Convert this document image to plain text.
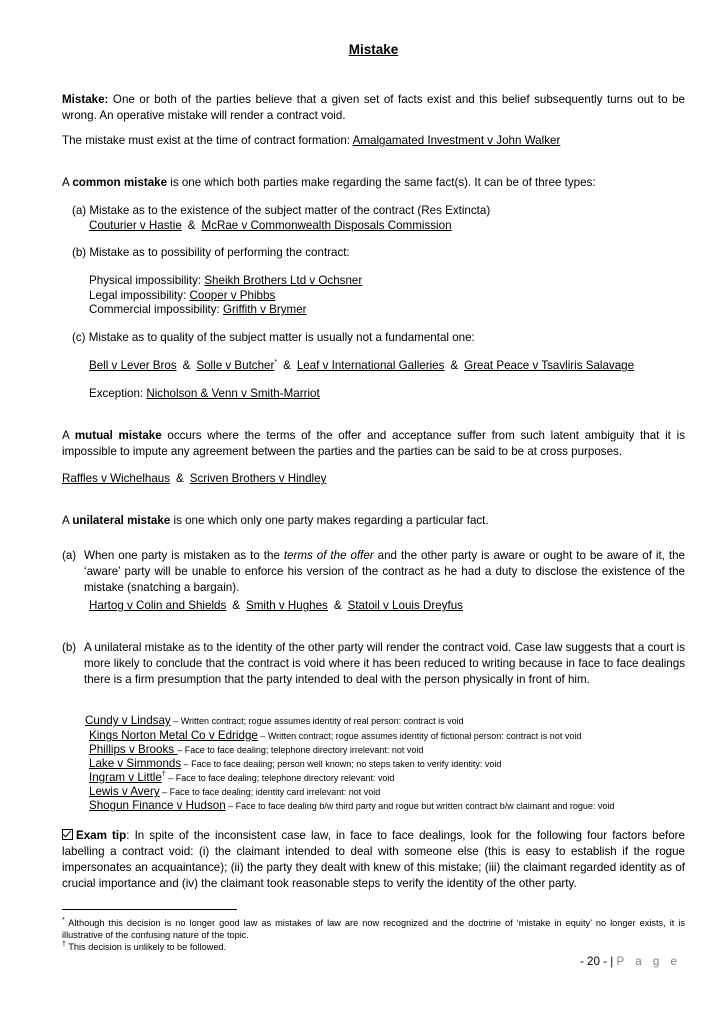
Mistake
Mistake: One or both of the parties believe that a given set of facts exist and this belief subsequently turns out to be wrong. An operative mistake will render a contract void.
The mistake must exist at the time of contract formation: Amalgamated Investment v John Walker
A common mistake is one which both parties make regarding the same fact(s). It can be of three types:
(a) Mistake as to the existence of the subject matter of the contract (Res Extincta)
Couturier v Hastie & McRae v Commonwealth Disposals Commission
(b) Mistake as to possibility of performing the contract:
Physical impossibility: Sheikh Brothers Ltd v Ochsner
Legal impossibility: Cooper v Phibbs
Commercial impossibility: Griffith v Brymer
(c) Mistake as to quality of the subject matter is usually not a fundamental one:
Bell v Lever Bros & Solle v Butcher* & Leaf v International Galleries & Great Peace v Tsavliris Salavage
Exception: Nicholson & Venn v Smith-Marriot
A mutual mistake occurs where the terms of the offer and acceptance suffer from such latent ambiguity that it is impossible to impute any agreement between the parties and the parties can be said to be at cross purposes.
Raffles v Wichelhaus & Scriven Brothers v Hindley
A unilateral mistake is one which only one party makes regarding a particular fact.
(a) When one party is mistaken as to the terms of the offer and the other party is aware or ought to be aware of it, the ‘aware’ party will be unable to enforce his version of the contract as he had a duty to disclose the existence of the mistake (snatching a bargain).
Hartog v Colin and Shields & Smith v Hughes & Statoil v Louis Dreyfus
(b) A unilateral mistake as to the identity of the other party will render the contract void. Case law suggests that a court is more likely to conclude that the contract is void where it has been reduced to writing because in face to face dealings there is a firm presumption that the party intended to deal with the person physically in front of him.
Cundy v Lindsay – Written contract; rogue assumes identity of real person: contract is void
Kings Norton Metal Co v Edridge – Written contract; rogue assumes identity of fictional person: contract is not void
Phillips v Brooks – Face to face dealing; telephone directory irrelevant: not void
Lake v Simmonds – Face to face dealing; person well known; no steps taken to verify identity: void
Ingram v Little† – Face to face dealing; telephone directory relevant: void
Lewis v Avery – Face to face dealing; identity card irrelevant: not void
Shogun Finance v Hudson – Face to face dealing b/w third party and rogue but written contract b/w claimant and rogue: void
Exam tip: In spite of the inconsistent case law, in face to face dealings, look for the following four factors before labelling a contract void: (i) the claimant intended to deal with someone else (this is easy to establish if the rogue impersonates an acquaintance); (ii) the party they dealt with knew of this mistake; (iii) the claimant regarded identity as of crucial importance and (iv) the claimant took reasonable steps to verify the identity of the other party.
* Although this decision is no longer good law as mistakes of law are now recognized and the doctrine of ‘mistake in equity’ no longer exists, it is illustrative of the confusing nature of the topic.
† This decision is unlikely to be followed.
- 20 - | P a g e
